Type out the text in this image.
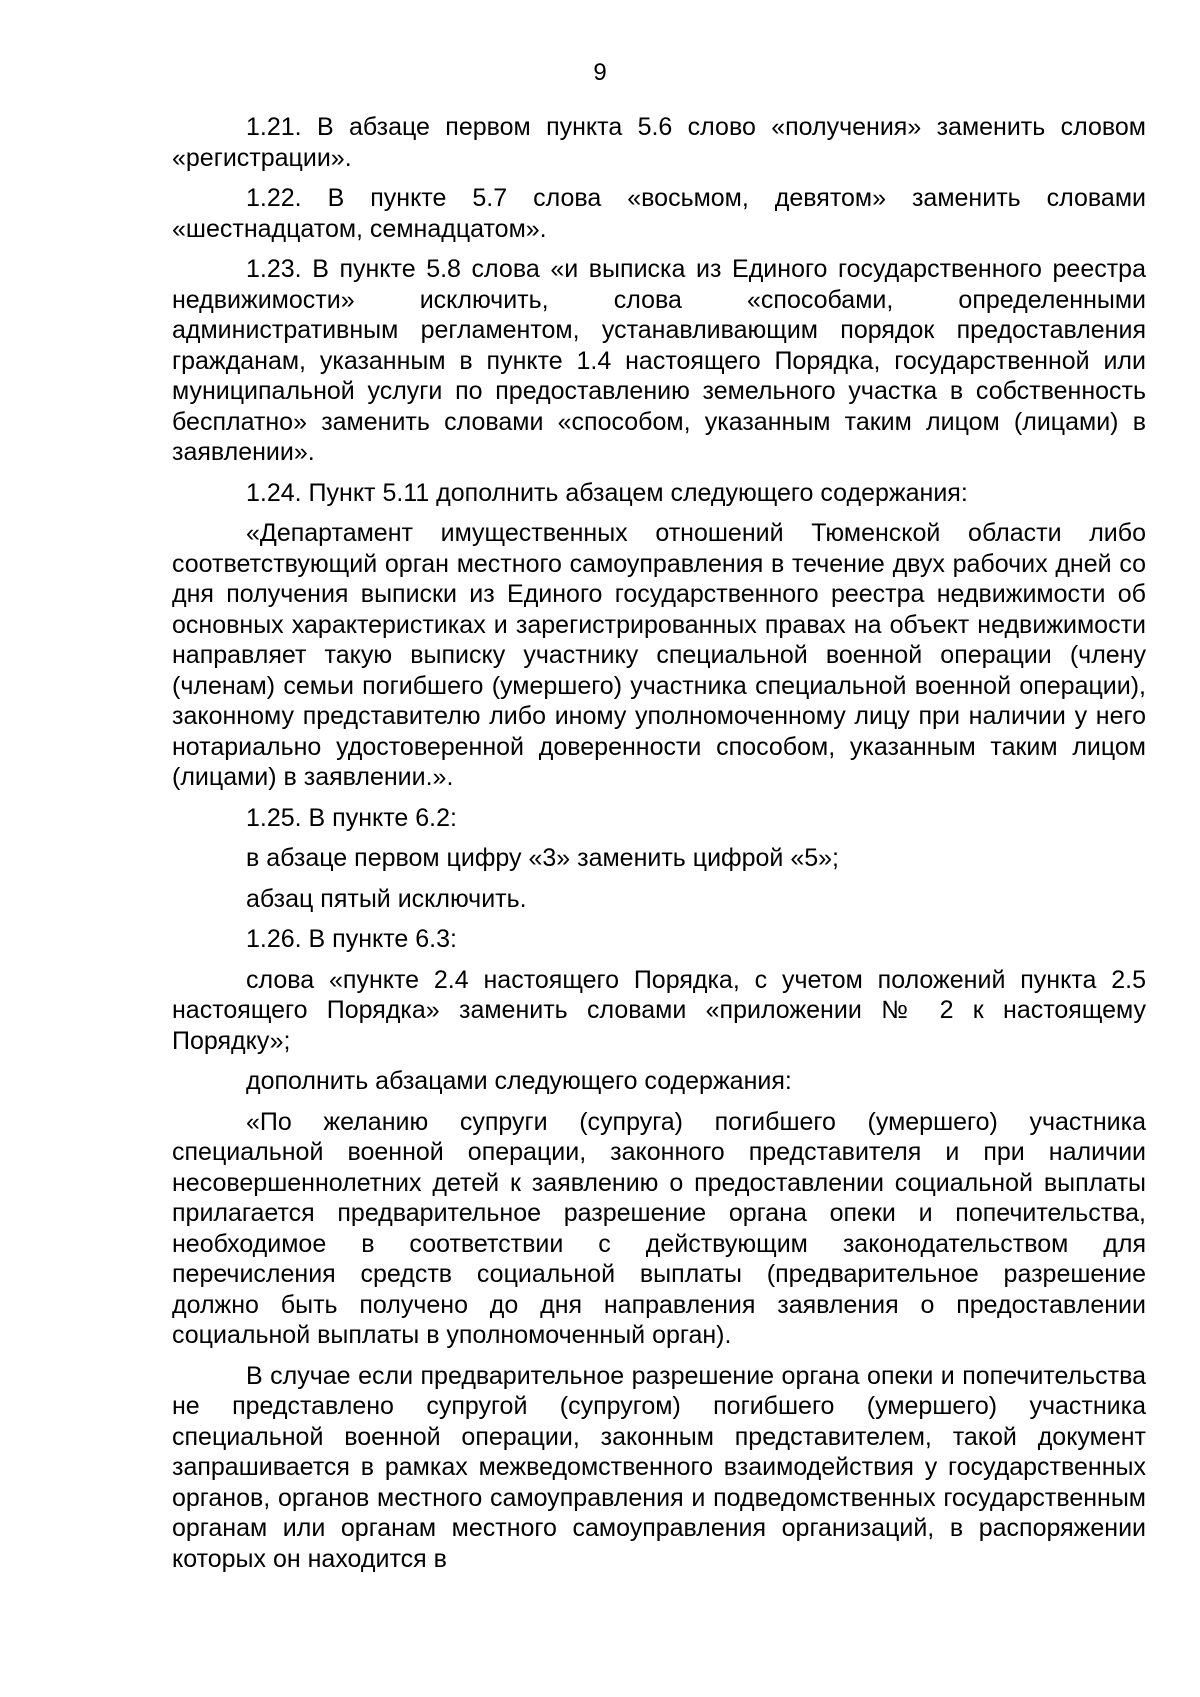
9

1.21. В абзаце первом пункта 5.6 слово «получения» заменить словом «регистрации».

1.22. В пункте 5.7 слова «восьмом, девятом» заменить словами «шестнадцатом, семнадцатом».

1.23. В пункте 5.8 слова «и выписка из Единого государственного реестра недвижимости» исключить, слова «способами, определенными административным регламентом, устанавливающим порядок предоставления гражданам, указанным в пункте 1.4 настоящего Порядка, государственной или муниципальной услуги по предоставлению земельного участка в собственность бесплатно» заменить словами «способом, указанным таким лицом (лицами) в заявлении».

1.24. Пункт 5.11 дополнить абзацем следующего содержания:

«Департамент имущественных отношений Тюменской области либо соответствующий орган местного самоуправления в течение двух рабочих дней со дня получения выписки из Единого государственного реестра недвижимости об основных характеристиках и зарегистрированных правах на объект недвижимости направляет такую выписку участнику специальной военной операции (члену (членам) семьи погибшего (умершего) участника специальной военной операции), законному представителю либо иному уполномоченному лицу при наличии у него нотариально удостоверенной доверенности способом, указанным таким лицом (лицами) в заявлении.».

1.25. В пункте 6.2:

в абзаце первом цифру «3» заменить цифрой «5»;

абзац пятый исключить.

1.26. В пункте 6.3:

слова «пункте 2.4 настоящего Порядка, с учетом положений пункта 2.5 настоящего Порядка» заменить словами «приложении № 2 к настоящему Порядку»;

дополнить абзацами следующего содержания:

«По желанию супруги (супруга) погибшего (умершего) участника специальной военной операции, законного представителя и при наличии несовершеннолетних детей к заявлению о предоставлении социальной выплаты прилагается предварительное разрешение органа опеки и попечительства, необходимое в соответствии с действующим законодательством для перечисления средств социальной выплаты (предварительное разрешение должно быть получено до дня направления заявления о предоставлении социальной выплаты в уполномоченный орган).

В случае если предварительное разрешение органа опеки и попечительства не представлено супругой (супругом) погибшего (умершего) участника специальной военной операции, законным представителем, такой документ запрашивается в рамках межведомственного взаимодействия у государственных органов, органов местного самоуправления и подведомственных государственным органам или органам местного самоуправления организаций, в распоряжении которых он находится в
